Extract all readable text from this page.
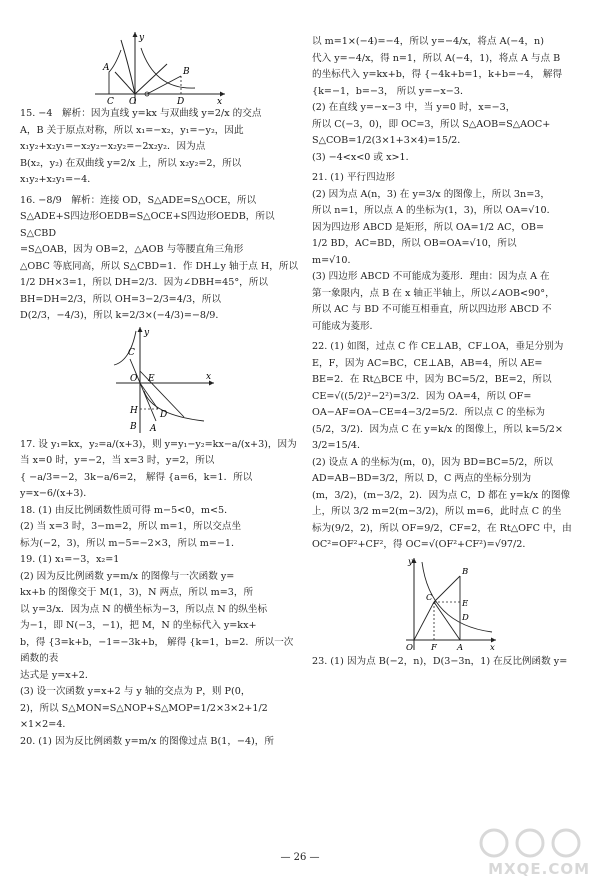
y
A	B
C O	D	x

15. −4　解析：因为直线 y=kx 与双曲线 y=2/x 的交点

A，B 关于原点对称，所以 x₁=−x₂，y₁=−y₂，因此

x₁y₂+x₂y₁=−x₂y₂−x₂y₂=−2x₂y₂．因为点

B(x₂，y₂) 在双曲线 y=2/x 上，所以 x₂y₂=2，所以

x₁y₂+x₂y₁=−4．

16. −8/9　解析：连接 OD，S△ADE=S△OCE，所以

S△ADE+S四边形OEDB=S△OCE+S四边形OEDB，所以 S△CBD

=S△OAB，因为 OB=2，△AOB 与等腰直角三角形

△OBC 等底同高，所以 S△CBD=1．作 DH⊥y 轴于点 H，所以

1/2 DH×3=1，所以 DH=2/3．因为∠DBH=45°，所以

BH=DH=2/3，所以 OH=3−2/3=4/3，所以

D(2/3，−4/3)，所以 k=2/3×(−4/3)=−8/9．

y
C
O E	x
H
B A
D

17. 设 y₁=kx，y₂=a/(x+3)，则 y=y₁−y₂=kx−a/(x+3)，因为

当 x=0 时，y=−2，当 x=3 时，y=2，所以

{ −a/3=−2，3k−a/6=2， 解得 {a=6，k=1．所以 y=x−6/(x+3)．

18. (1) 由反比例函数性质可得 m−5<0，m<5．

(2) 当 x=3 时，3−m=2，所以 m=1，所以交点坐

标为(−2，3)，所以 m−5=−2×3，所以 m=−1．

19. (1) x₁=−3，x₂=1

(2) 因为反比例函数 y=m/x 的图像与一次函数 y=

kx+b 的图像交于 M(1，3)，N 两点，所以 m=3，所

以 y=3/x．因为点 N 的横坐标为−3，所以点 N 的纵坐标

为−1，即 N(−3，−1)，把 M，N 的坐标代入 y=kx+

b，得 {3=k+b，−1=−3k+b， 解得 {k=1，b=2．所以一次函数的表

达式是 y=x+2．

(3) 设一次函数 y=x+2 与 y 轴的交点为 P，则 P(0，

2)，所以 S△MON=S△NOP+S△MOP=1/2×3×2+1/2

×1×2=4．

20. (1) 因为反比例函数 y=m/x 的图像过点 B(1，−4)，所

以 m=1×(−4)=−4，所以 y=−4/x，将点 A(−4，n)

代入 y=−4/x，得 n=1，所以 A(−4，1)，将点 A 与点 B

的坐标代入 y=kx+b，得 {−4k+b=1，k+b=−4， 解得

{k=−1，b=−3， 所以 y=−x−3．

(2) 在直线 y=−x−3 中，当 y=0 时，x=−3，

所以 C(−3，0)，即 OC=3，所以 S△AOB=S△AOC+

S△COB=1/2(3×1+3×4)=15/2．

(3) −4<x<0 或 x>1．

21. (1) 平行四边形

(2) 因为点 A(n，3) 在 y=3/x 的图像上，所以 3n=3，

所以 n=1，所以点 A 的坐标为(1，3)，所以 OA=√10．

因为四边形 ABCD 是矩形，所以 OA=1/2 AC，OB=

1/2 BD，AC=BD，所以 OB=OA=√10，所以

m=√10．

(3) 四边形 ABCD 不可能成为菱形．理由：因为点 A 在

第一象限内，点 B 在 x 轴正半轴上，所以∠AOB<90°，

所以 AC 与 BD 不可能互相垂直，所以四边形 ABCD 不

可能成为菱形．

22. (1) 如图，过点 C 作 CE⊥AB，CF⊥OA，垂足分别为

E，F，因为 AC=BC，CE⊥AB，AB=4，所以 AE=

BE=2．在 Rt△BCE 中，因为 BC=5/2，BE=2，所以

CE=√((5/2)²−2²)=3/2．因为 OA=4，所以 OF=

OA−AF=OA−CE=4−3/2=5/2．所以点 C 的坐标为

(5/2，3/2)．因为点 C 在 y=k/x 的图像上，所以 k=5/2×

3/2=15/4．

(2) 设点 A 的坐标为(m，0)，因为 BD=BC=5/2，所以

AD=AB−BD=3/2，所以 D，C 两点的坐标分别为

(m，3/2)，(m−3/2，2)．因为点 C，D 都在 y=k/x 的图像

上，所以 3/2 m=2(m−3/2)，所以 m=6，此时点 C 的坐

标为(9/2，2)，所以 OF=9/2，CF=2，在 Rt△OFC 中，由

OC²=OF²+CF²，得 OC=√(OF²+CF²)=√97/2．

y
C
B
E
D
O F A	x

23. (1) 因为点 B(−2，n)，D(3−3n，1) 在反比例函数 y=

— 26 —
MXQE.COM
